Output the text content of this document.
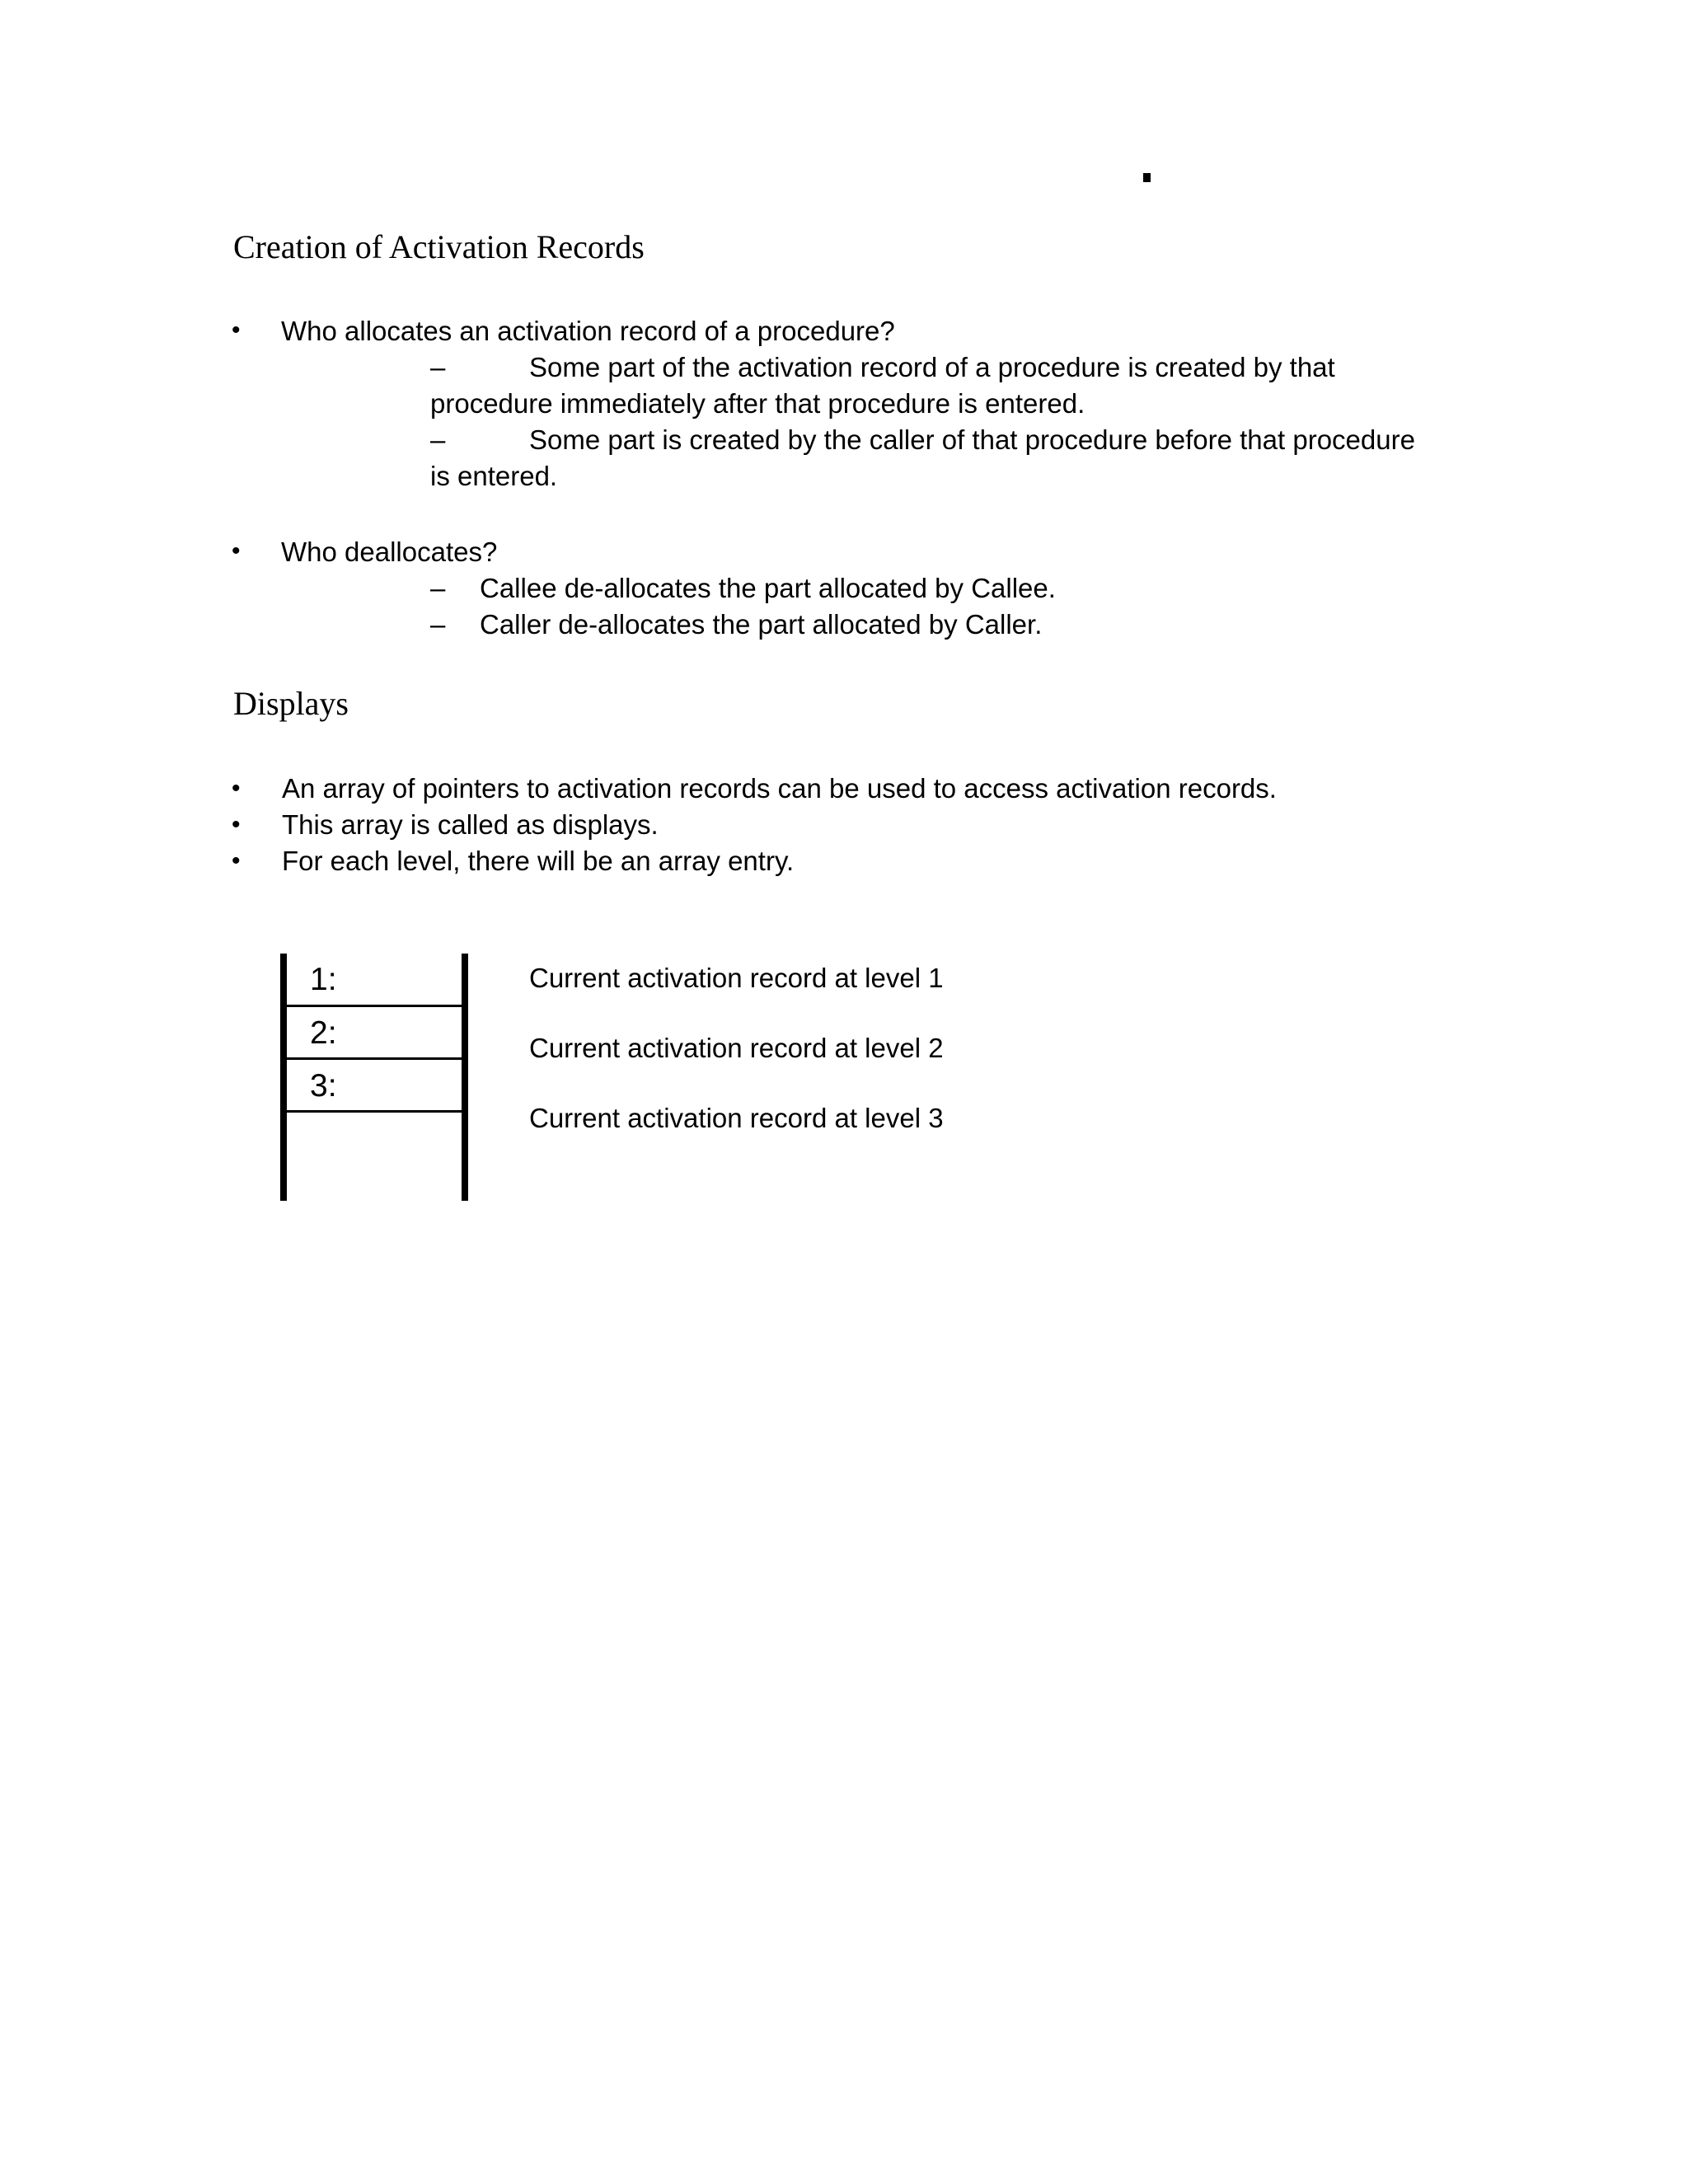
Creation of Activation Records
• Who allocates an activation record of a procedure?
–	Some part of the activation record of a procedure is created by that
procedure immediately after that procedure is entered.
–	Some part is created by the caller of that procedure before that procedure
is entered.
• Who deallocates?
– Callee de-allocates the part allocated by Callee.
– Caller de-allocates the part allocated by Caller.
Displays
• An array of pointers to activation records can be used to access activation records.
• This array is called as displays.
• For each level, there will be an array entry.
1:
2:
3:
Current activation record at level 1
Current activation record at level 2
Current activation record at level 3
